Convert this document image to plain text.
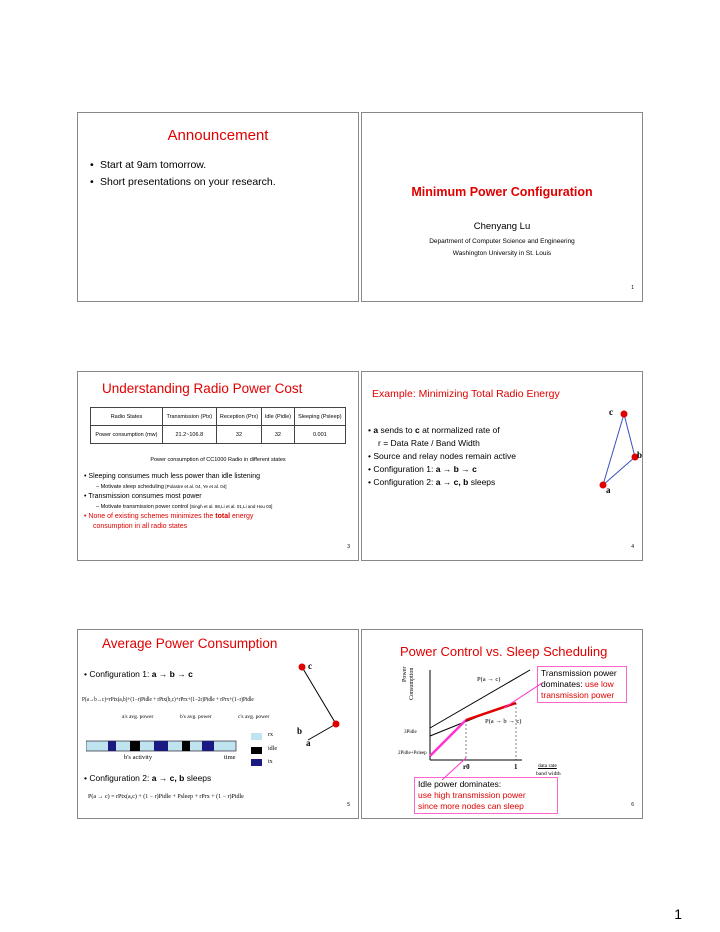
Announcement
• Start at 9am tomorrow.
• Short presentations on your research.
Minimum Power Configuration
Chenyang Lu
Department of Computer Science and Engineering
Washington University in St. Louis
1
Understanding Radio Power Cost
Radio States	Transmission (Ptx)	Reception (Prx)	Idle (Pidle)	Sleeping (Psleep)
Power consumption (mw)	21.2~106.8	32	32	0.001
Power consumption of CC1000 Radio in different states
• Sleeping consumes much less power than idle listening
– Motivate sleep scheduling [Polastre et al. 04, Ye et al. 04]
• Transmission consumes most power
– Motivate transmission power control [Singh et al. 98,Li et al. 01,Li and Hou 03]
• None of existing schemes minimizes the total energy
consumption in all radio states
3
Example: Minimizing Total Radio Energy
• a sends to c at normalized rate of
r = Data Rate / Band Width
• Source and relay nodes remain active
• Configuration 1: a → b → c
• Configuration 2: a → c, b sleeps
c
b
a
4
Average Power Consumption
• Configuration 1: a → b → c
P(a→b→c)=rPtx(a,b)+(1−r)Pidle + rPtx(b,c)+rPrx+(1−2r)Pidle + rPrx+(1−r)Pidle
a's avg. power	b's avg. power	c's avg. power
b's activity	time
rx
idle
tx
• Configuration 2: a → c, b sleeps
P(a → c) = rPtx(a,c) + (1 − r)Pidle + Psleep + rPrx + (1 − r)Pidle
c
b
a
5
Power Control vs. Sleep Scheduling
Transmission power
dominates: use low
transmission power
Idle power dominates:
use high transmission power
since more nodes can sleep
Power Consumption	P(a → c)
P(a → b → c)
3Pidle
2Pidle+Psleep
r0	1	data rate
band width
6
1
